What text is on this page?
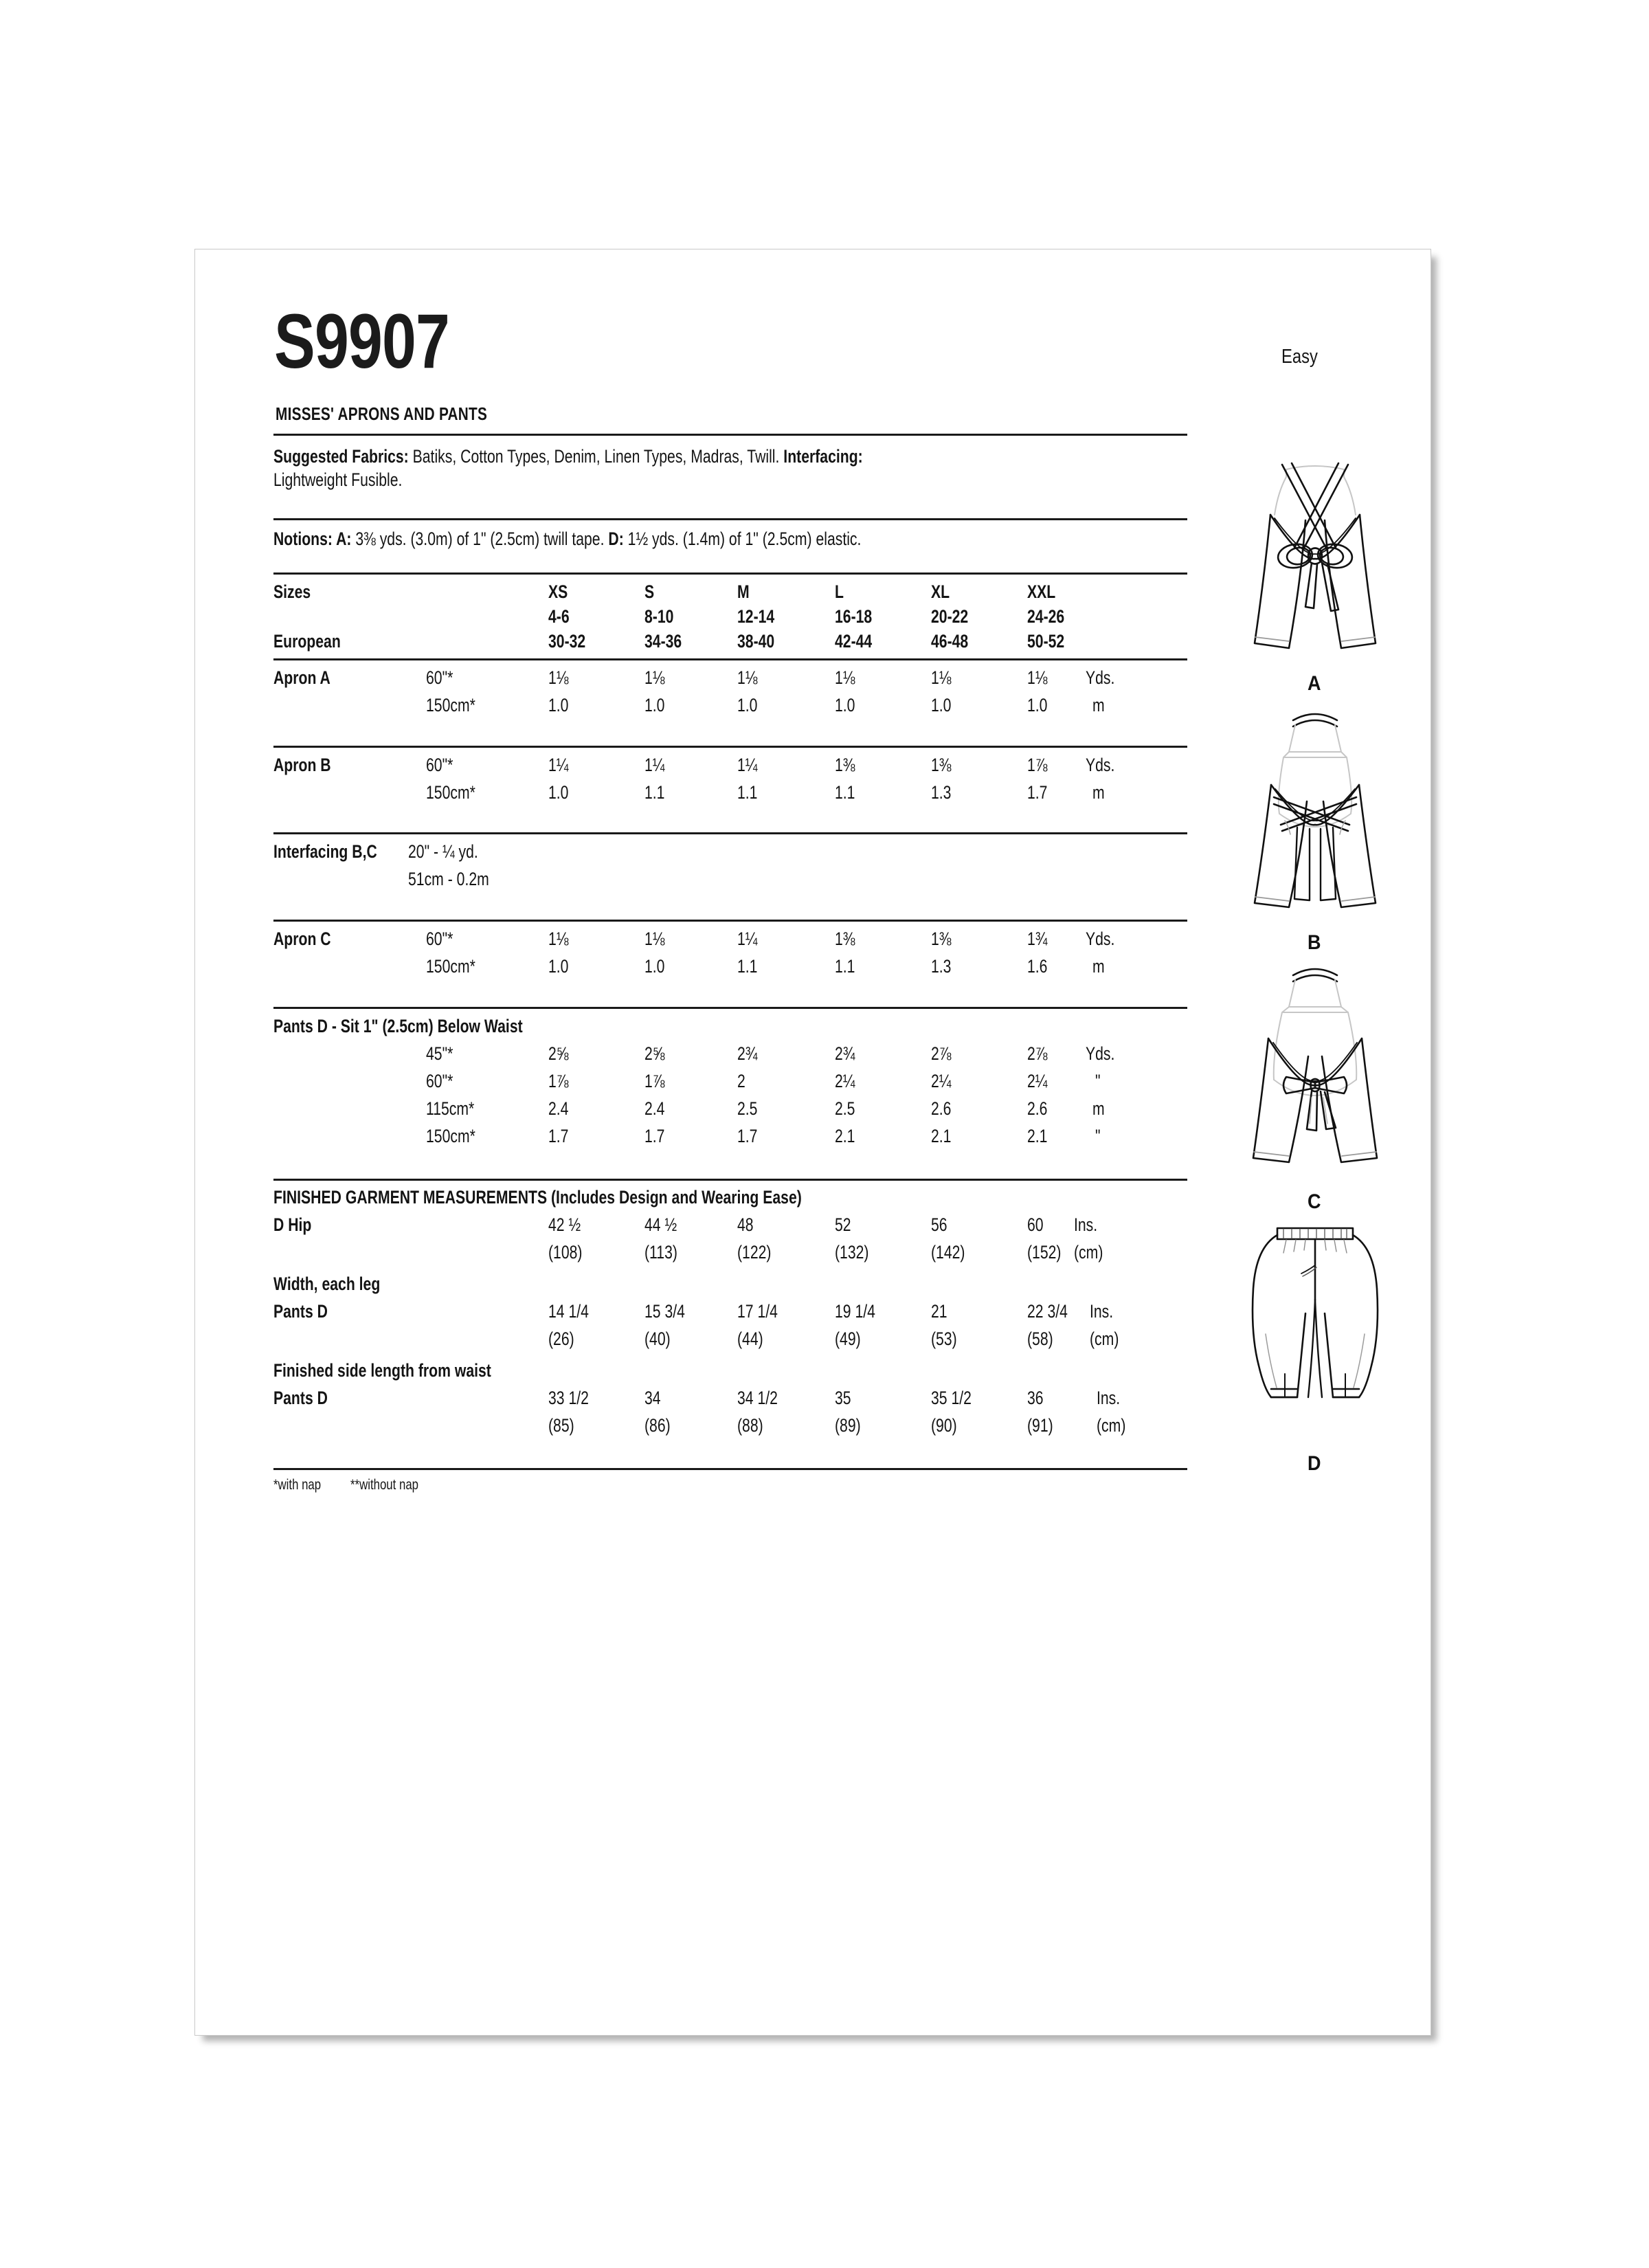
S9907	Easy
MISSES' APRONS AND PANTS
Suggested Fabrics: Batiks, Cotton Types, Denim, Linen Types, Madras, Twill. Interfacing:
Lightweight Fusible.
Notions: A: 3⅜ yds. (3.0m) of 1" (2.5cm) twill tape. D: 1½ yds. (1.4m) of 1" (2.5cm) elastic.
Sizes	XS	S	M	L	XL	XXL
4-6	8-10	12-14	16-18	20-22	24-26
European	30-32	34-36	38-40	42-44	46-48	50-52
Apron A	60"*	1⅛	1⅛	1⅛	1⅛	1⅛	1⅛ Yds.
150cm*	1.0	1.0	1.0	1.0	1.0	1.0 m
Apron B	60"*	1¼	1¼	1¼	1⅜	1⅜	1⅞ Yds.
150cm*	1.0	1.1	1.1	1.1	1.3	1.7 m
Interfacing B,C	20" - ¼ yd.
51cm - 0.2m
Apron C	60"*	1⅛	1⅛	1¼	1⅜	1⅜	1¾ Yds.
150cm*	1.0	1.0	1.1	1.1	1.3	1.6 m
Pants D - Sit 1" (2.5cm) Below Waist
45"*	2⅝	2⅝	2¾	2¾	2⅞	2⅞ Yds.
60"*	1⅞	1⅞	2	2¼	2¼	2¼	"
115cm*	2.4	2.4	2.5	2.5	2.6	2.6 m
150cm*	1.7	1.7	1.7	2.1	2.1	2.1	"
FINISHED GARMENT MEASUREMENTS (Includes Design and Wearing Ease)
D Hip	42 ½	44 ½	48	52	56	60 Ins.
(108)	(113)	(122)	(132)	(142)	(152) (cm)
Width, each leg
Pants D	14 1/4	15 3/4	17 1/4	19 1/4	21	22 3/4	Ins.
(26)	(40)	(44)	(49)	(53)	(58)	(cm)
Finished side length from waist
Pants D	33 1/2	34	34 1/2	35	35 1/2	36	Ins.
(85)	(86)	(88)	(89)	(90)	(91)	(cm)
*with nap **without nap
A
B
C
D
